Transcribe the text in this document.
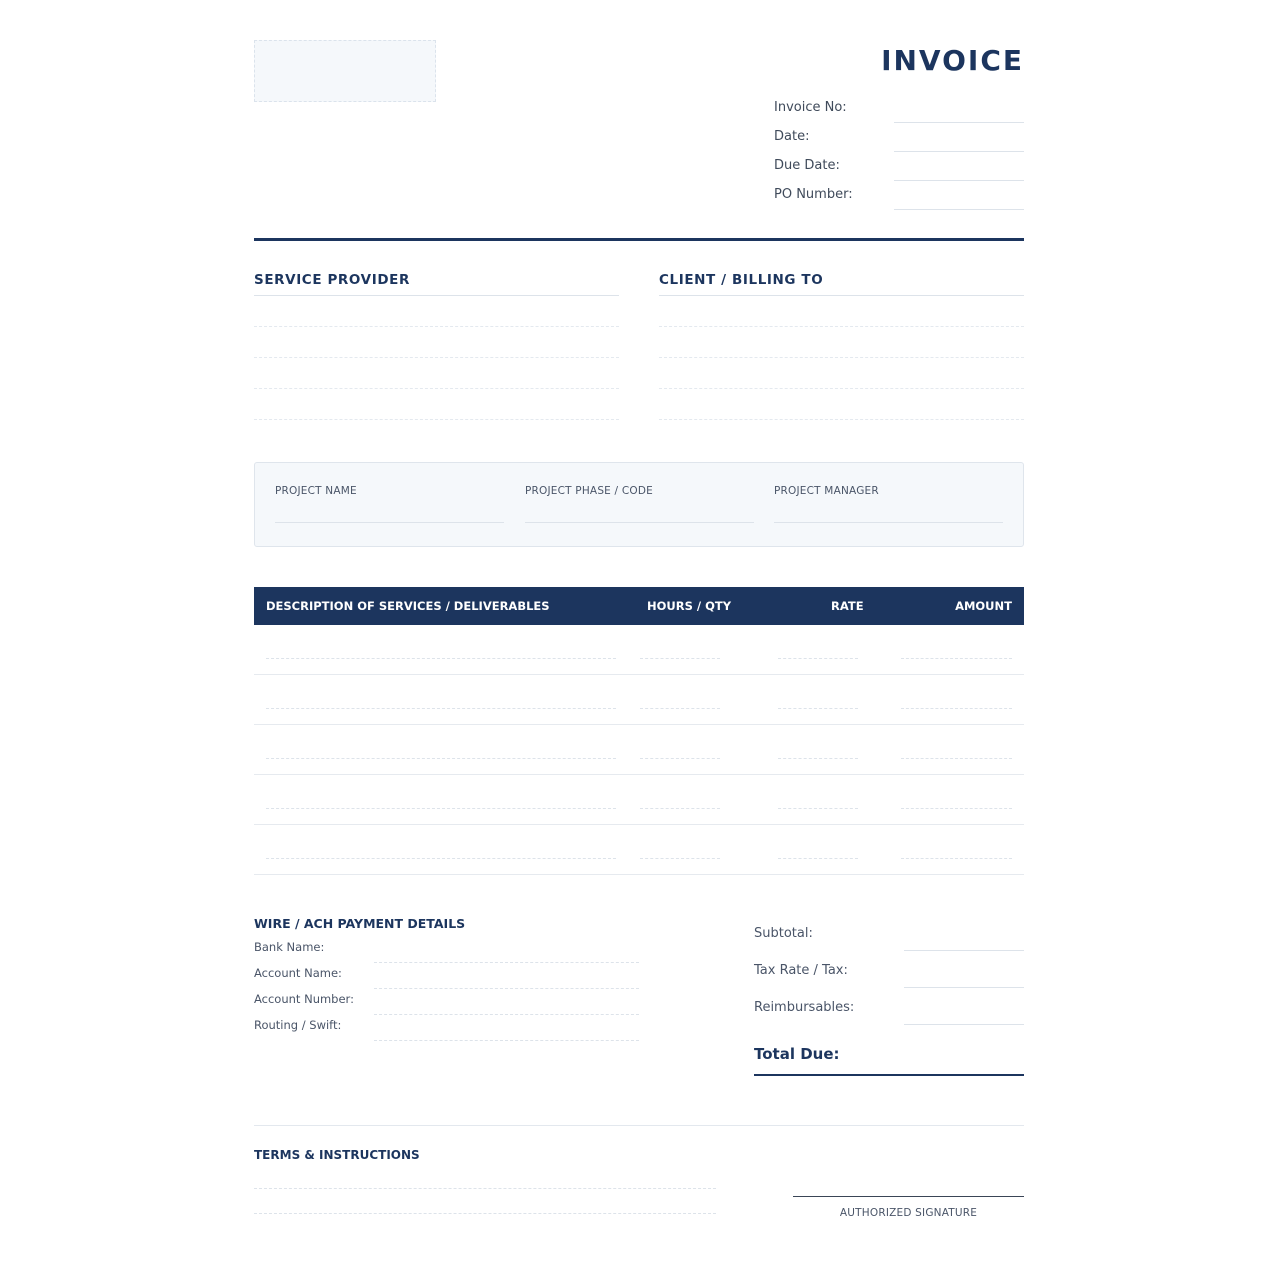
INVOICE
Invoice No:
Date:
Due Date:
PO Number:
SERVICE PROVIDER	CLIENT / BILLING TO
PROJECT NAME	PROJECT PHASE / CODE	PROJECT MANAGER
DESCRIPTION OF SERVICES / DELIVERABLES	HOURS / QTY	RATE	AMOUNT
WIRE / ACH PAYMENT DETAILS
Bank Name:
Account Name:
Account Number:
Routing / Swift:
Subtotal:
Tax Rate / Tax:
Reimbursables:
Total Due:
TERMS & INSTRUCTIONS
AUTHORIZED SIGNATURE
